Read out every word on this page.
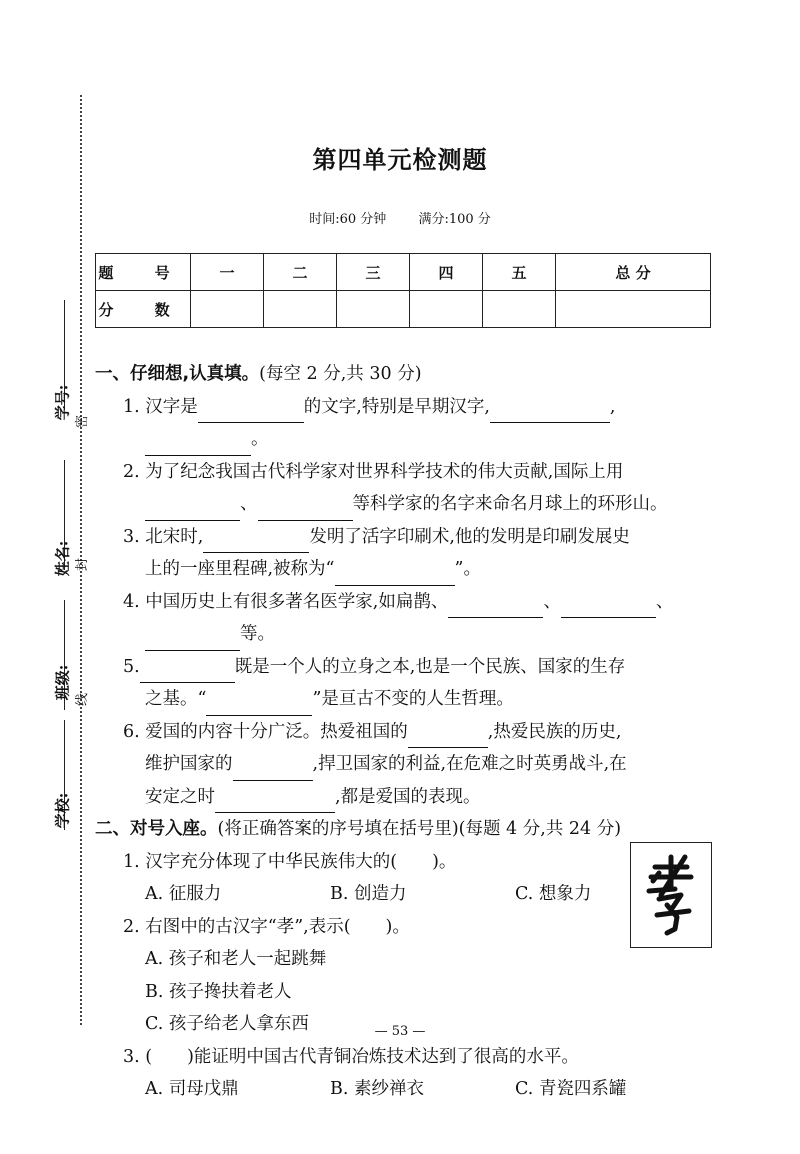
学号:
姓名:
班级:
学校:
线
封
密
第四单元检测题
时间:60 分钟 满分:100 分
题 号	一	二	三	四	五	总 分
分 数						
一、仔细想,认真填。(每空 2 分,共 30 分)
1. 汉字是	的文字,特别是早期汉字,	,
。
2. 为了纪念我国古代科学家对世界科学技术的伟大贡献,国际上用
、	等科学家的名字来命名月球上的环形山。
3. 北宋时,	发明了活字印刷术,他的发明是印刷发展史
上的一座里程碑,被称为“	”。
4. 中国历史上有很多著名医学家,如扁鹊、	、	、
等。
5.	既是一个人的立身之本,也是一个民族、国家的生存
之基。“	”是亘古不变的人生哲理。
6. 爱国的内容十分广泛。热爱祖国的	,热爱民族的历史,
维护国家的	,捍卫国家的利益,在危难之时英勇战斗,在
安定之时	,都是爱国的表现。
二、对号入座。(将正确答案的序号填在括号里)(每题 4 分,共 24 分)
1. 汉字充分体现了中华民族伟大的(　　)。
A. 征服力	B. 创造力	C. 想象力
2. 右图中的古汉字“孝”,表示(　　)。
A. 孩子和老人一起跳舞
B. 孩子搀扶着老人
C. 孩子给老人拿东西
3. (　　)能证明中国古代青铜冶炼技术达到了很高的水平。
A. 司母戊鼎	B. 素纱禅衣	C. 青瓷四系罐
— 53 —
